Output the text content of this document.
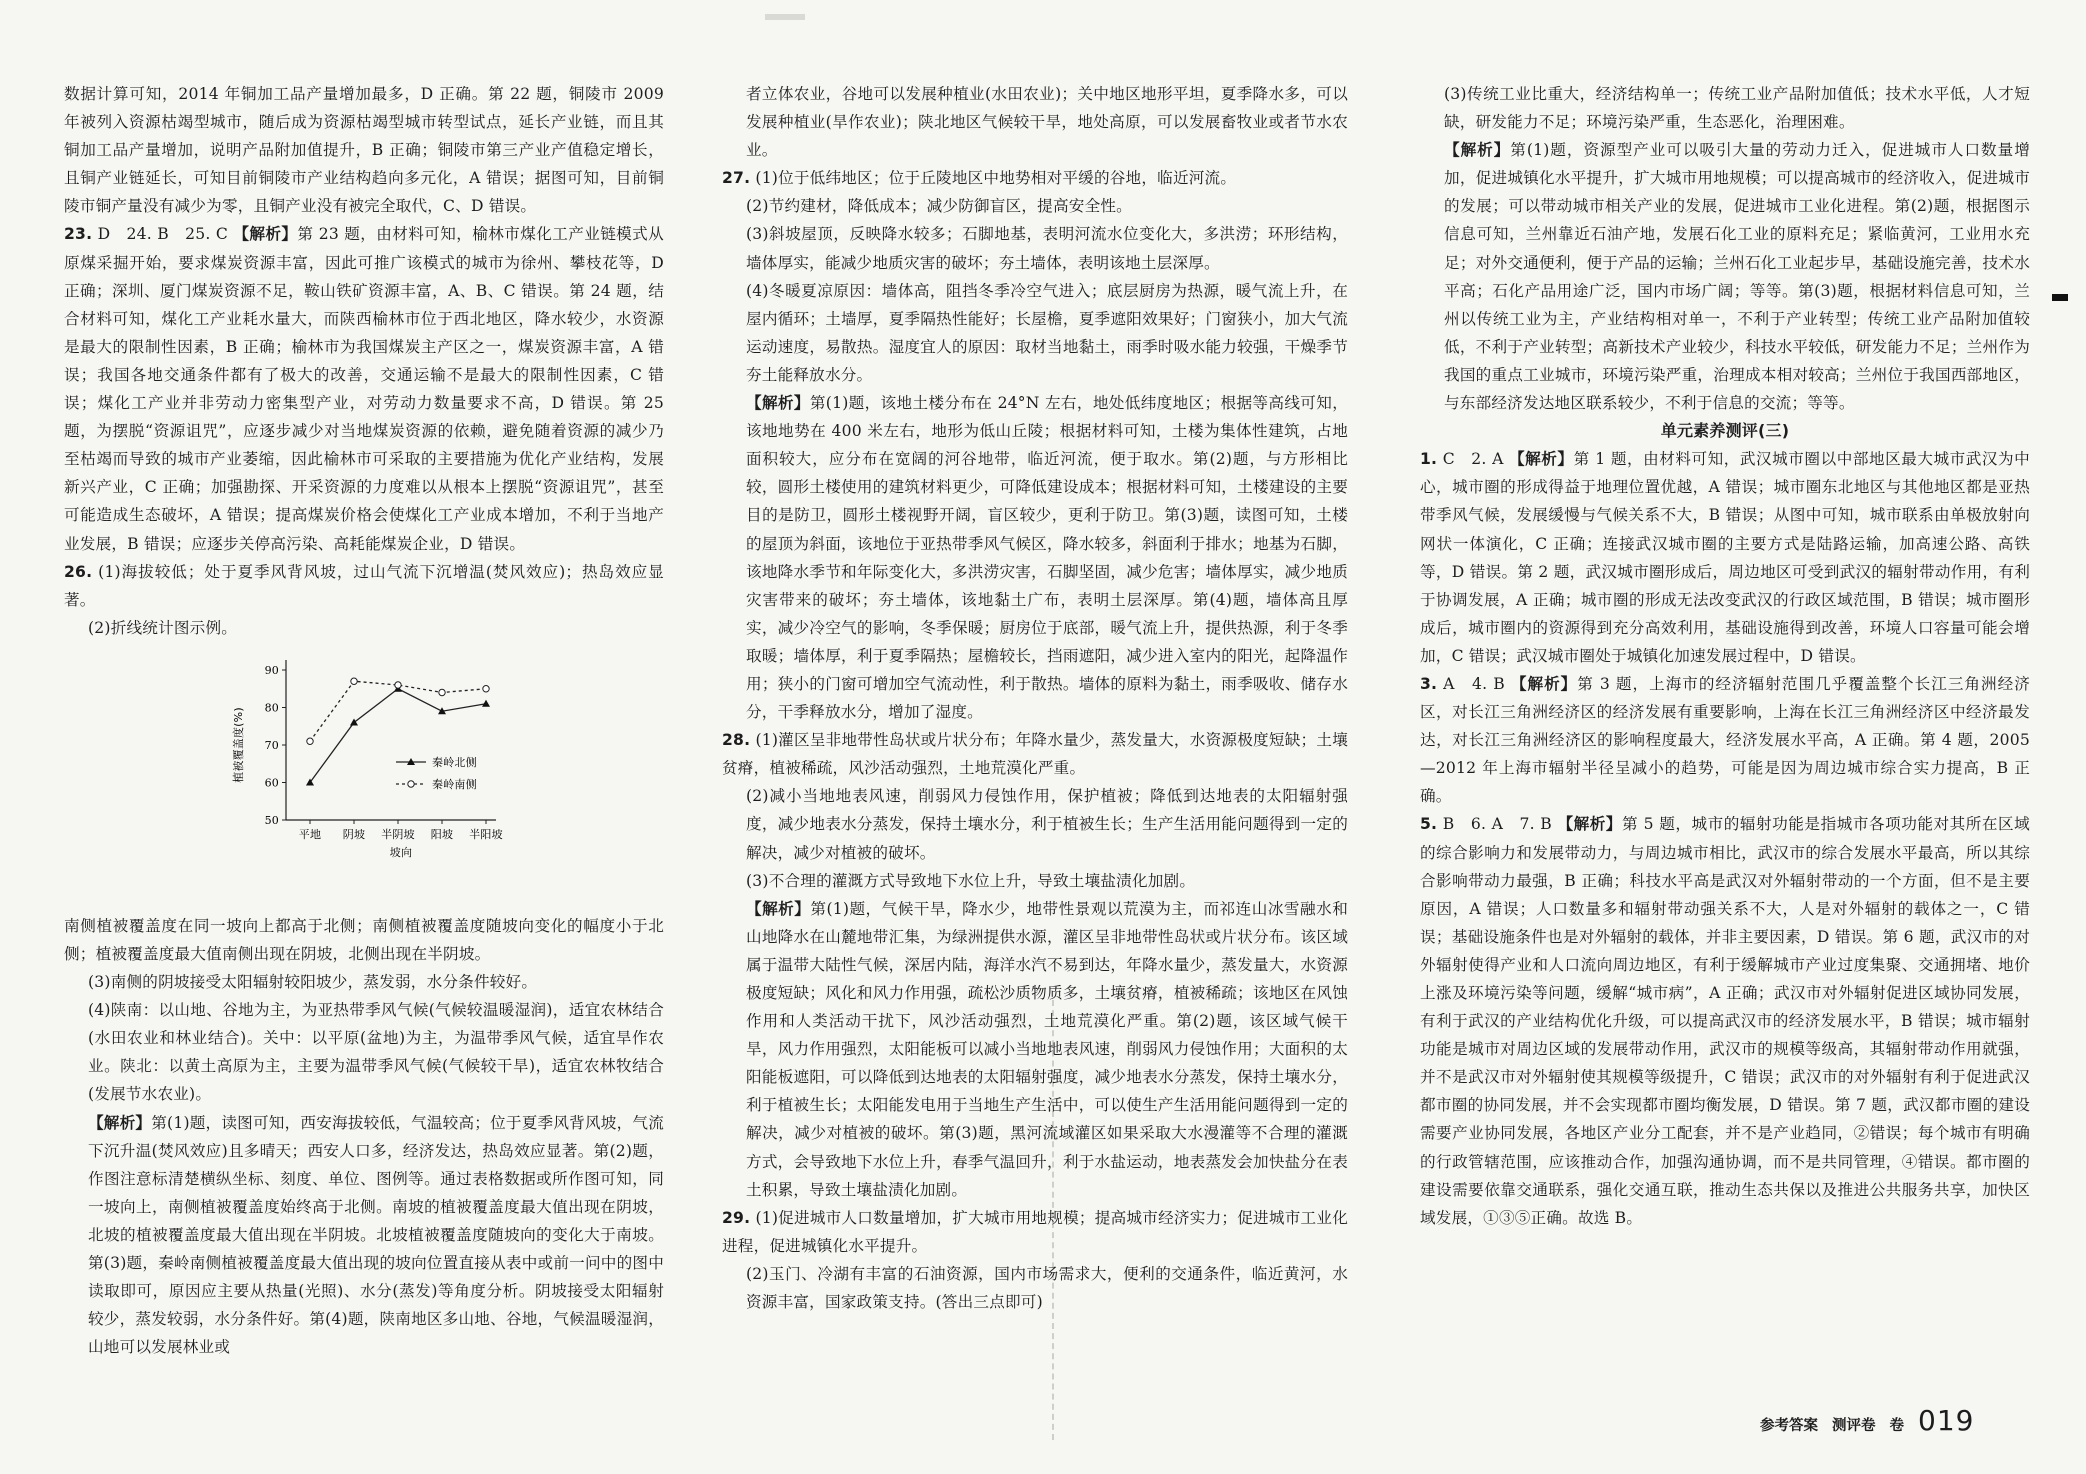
数据计算可知，2014 年铜加工品产量增加最多，D 正确。第 22 题，铜陵市 2009 年被列入资源枯竭型城市，随后成为资源枯竭型城市转型试点，延长产业链，而且其铜加工品产量增加，说明产品附加值提升，B 正确；铜陵市第三产业产值稳定增长，且铜产业链延长，可知目前铜陵市产业结构趋向多元化，A 错误；据图可知，目前铜陵市铜产量没有减少为零，且铜产业没有被完全取代，C、D 错误。

23. D　24. B　25. C 【解析】第 23 题，由材料可知，榆林市煤化工产业链模式从原煤采掘开始，要求煤炭资源丰富，因此可推广该模式的城市为徐州、攀枝花等，D 正确；深圳、厦门煤炭资源不足，鞍山铁矿资源丰富，A、B、C 错误。第 24 题，结合材料可知，煤化工产业耗水量大，而陕西榆林市位于西北地区，降水较少，水资源是最大的限制性因素，B 正确；榆林市为我国煤炭主产区之一，煤炭资源丰富，A 错误；我国各地交通条件都有了极大的改善，交通运输不是最大的限制性因素，C 错误；煤化工产业并非劳动力密集型产业，对劳动力数量要求不高，D 错误。第 25 题，为摆脱“资源诅咒”，应逐步减少对当地煤炭资源的依赖，避免随着资源的减少乃至枯竭而导致的城市产业萎缩，因此榆林市可采取的主要措施为优化产业结构，发展新兴产业，C 正确；加强勘探、开采资源的力度难以从根本上摆脱“资源诅咒”，甚至可能造成生态破坏，A 错误；提高煤炭价格会使煤化工产业成本增加，不利于当地产业发展，B 错误；应逐步关停高污染、高耗能煤炭企业，D 错误。

26. (1)海拔较低；处于夏季风背风坡，过山气流下沉增温(焚风效应)；热岛效应显著。

(2)折线统计图示例。

50
60
70
80
90
植被覆盖度(%)
平地 阴坡 半阴坡 阳坡 半阳坡
坡向
秦岭北侧
秦岭南侧

南侧植被覆盖度在同一坡向上都高于北侧；南侧植被覆盖度随坡向变化的幅度小于北侧；植被覆盖度最大值南侧出现在阴坡，北侧出现在半阴坡。

(3)南侧的阴坡接受太阳辐射较阳坡少，蒸发弱，水分条件较好。

(4)陕南：以山地、谷地为主，为亚热带季风气候(气候较温暖湿润)，适宜农林结合(水田农业和林业结合)。关中：以平原(盆地)为主，为温带季风气候，适宜旱作农业。陕北：以黄土高原为主，主要为温带季风气候(气候较干旱)，适宜农林牧结合(发展节水农业)。

【解析】第(1)题，读图可知，西安海拔较低，气温较高；位于夏季风背风坡，气流下沉升温(焚风效应)且多晴天；西安人口多，经济发达，热岛效应显著。第(2)题，作图注意标清楚横纵坐标、刻度、单位、图例等。通过表格数据或所作图可知，同一坡向上，南侧植被覆盖度始终高于北侧。南坡的植被覆盖度最大值出现在阴坡，北坡的植被覆盖度最大值出现在半阴坡。北坡植被覆盖度随坡向的变化大于南坡。第(3)题，秦岭南侧植被覆盖度最大值出现的坡向位置直接从表中或前一问中的图中读取即可，原因应主要从热量(光照)、水分(蒸发)等角度分析。阴坡接受太阳辐射较少，蒸发较弱，水分条件好。第(4)题，陕南地区多山地、谷地，气候温暖湿润，山地可以发展林业或

者立体农业，谷地可以发展种植业(水田农业)；关中地区地形平坦，夏季降水多，可以发展种植业(旱作农业)；陕北地区气候较干旱，地处高原，可以发展畜牧业或者节水农业。

27. (1)位于低纬地区；位于丘陵地区中地势相对平缓的谷地，临近河流。

(2)节约建材，降低成本；减少防御盲区，提高安全性。

(3)斜坡屋顶，反映降水较多；石脚地基，表明河流水位变化大，多洪涝；环形结构，墙体厚实，能减少地质灾害的破坏；夯土墙体，表明该地土层深厚。

(4)冬暖夏凉原因：墙体高，阻挡冬季冷空气进入；底层厨房为热源，暖气流上升，在屋内循环；土墙厚，夏季隔热性能好；长屋檐，夏季遮阳效果好；门窗狭小，加大气流运动速度，易散热。湿度宜人的原因：取材当地黏土，雨季时吸水能力较强，干燥季节夯土能释放水分。

【解析】第(1)题，该地土楼分布在 24°N 左右，地处低纬度地区；根据等高线可知，该地地势在 400 米左右，地形为低山丘陵；根据材料可知，土楼为集体性建筑，占地面积较大，应分布在宽阔的河谷地带，临近河流，便于取水。第(2)题，与方形相比较，圆形土楼使用的建筑材料更少，可降低建设成本；根据材料可知，土楼建设的主要目的是防卫，圆形土楼视野开阔，盲区较少，更利于防卫。第(3)题，读图可知，土楼的屋顶为斜面，该地位于亚热带季风气候区，降水较多，斜面利于排水；地基为石脚，该地降水季节和年际变化大，多洪涝灾害，石脚坚固，减少危害；墙体厚实，减少地质灾害带来的破坏；夯土墙体，该地黏土广布，表明土层深厚。第(4)题，墙体高且厚实，减少冷空气的影响，冬季保暖；厨房位于底部，暖气流上升，提供热源，利于冬季取暖；墙体厚，利于夏季隔热；屋檐较长，挡雨遮阳，减少进入室内的阳光，起降温作用；狭小的门窗可增加空气流动性，利于散热。墙体的原料为黏土，雨季吸收、储存水分，干季释放水分，增加了湿度。

28. (1)灌区呈非地带性岛状或片状分布；年降水量少，蒸发量大，水资源极度短缺；土壤贫瘠，植被稀疏，风沙活动强烈，土地荒漠化严重。

(2)减小当地地表风速，削弱风力侵蚀作用，保护植被；降低到达地表的太阳辐射强度，减少地表水分蒸发，保持土壤水分，利于植被生长；生产生活用能问题得到一定的解决，减少对植被的破坏。

(3)不合理的灌溉方式导致地下水位上升，导致土壤盐渍化加剧。

【解析】第(1)题，气候干旱，降水少，地带性景观以荒漠为主，而祁连山冰雪融水和山地降水在山麓地带汇集，为绿洲提供水源，灌区呈非地带性岛状或片状分布。该区域属于温带大陆性气候，深居内陆，海洋水汽不易到达，年降水量少，蒸发量大，水资源极度短缺；风化和风力作用强，疏松沙质物质多，土壤贫瘠，植被稀疏；该地区在风蚀作用和人类活动干扰下，风沙活动强烈，土地荒漠化严重。第(2)题，该区域气候干旱，风力作用强烈，太阳能板可以减小当地地表风速，削弱风力侵蚀作用；大面积的太阳能板遮阳，可以降低到达地表的太阳辐射强度，减少地表水分蒸发，保持土壤水分，利于植被生长；太阳能发电用于当地生产生活中，可以使生产生活用能问题得到一定的解决，减少对植被的破坏。第(3)题，黑河流域灌区如果采取大水漫灌等不合理的灌溉方式，会导致地下水位上升，春季气温回升，利于水盐运动，地表蒸发会加快盐分在表土积累，导致土壤盐渍化加剧。

29. (1)促进城市人口数量增加，扩大城市用地规模；提高城市经济实力；促进城市工业化进程，促进城镇化水平提升。

(2)玉门、冷湖有丰富的石油资源，国内市场需求大，便利的交通条件，临近黄河，水资源丰富，国家政策支持。(答出三点即可)

(3)传统工业比重大，经济结构单一；传统工业产品附加值低；技术水平低，人才短缺，研发能力不足；环境污染严重，生态恶化，治理困难。

【解析】第(1)题，资源型产业可以吸引大量的劳动力迁入，促进城市人口数量增加，促进城镇化水平提升，扩大城市用地规模；可以提高城市的经济收入，促进城市的发展；可以带动城市相关产业的发展，促进城市工业化进程。第(2)题，根据图示信息可知，兰州靠近石油产地，发展石化工业的原料充足；紧临黄河，工业用水充足；对外交通便利，便于产品的运输；兰州石化工业起步早，基础设施完善，技术水平高；石化产品用途广泛，国内市场广阔；等等。第(3)题，根据材料信息可知，兰州以传统工业为主，产业结构相对单一，不利于产业转型；传统工业产品附加值较低，不利于产业转型；高新技术产业较少，科技水平较低，研发能力不足；兰州作为我国的重点工业城市，环境污染严重，治理成本相对较高；兰州位于我国西部地区，与东部经济发达地区联系较少，不利于信息的交流；等等。

单元素养测评(三)

1. C　2. A 【解析】第 1 题，由材料可知，武汉城市圈以中部地区最大城市武汉为中心，城市圈的形成得益于地理位置优越，A 错误；城市圈东北地区与其他地区都是亚热带季风气候，发展缓慢与气候关系不大，B 错误；从图中可知，城市联系由单极放射向网状一体演化，C 正确；连接武汉城市圈的主要方式是陆路运输，加高速公路、高铁等，D 错误。第 2 题，武汉城市圈形成后，周边地区可受到武汉的辐射带动作用，有利于协调发展，A 正确；城市圈的形成无法改变武汉的行政区域范围，B 错误；城市圈形成后，城市圈内的资源得到充分高效利用，基础设施得到改善，环境人口容量可能会增加，C 错误；武汉城市圈处于城镇化加速发展过程中，D 错误。

3. A　4. B 【解析】第 3 题，上海市的经济辐射范围几乎覆盖整个长江三角洲经济区，对长江三角洲经济区的经济发展有重要影响，上海在长江三角洲经济区中经济最发达，对长江三角洲经济区的影响程度最大，经济发展水平高，A 正确。第 4 题，2005—2012 年上海市辐射半径呈减小的趋势，可能是因为周边城市综合实力提高，B 正确。

5. B　6. A　7. B 【解析】第 5 题，城市的辐射功能是指城市各项功能对其所在区域的综合影响力和发展带动力，与周边城市相比，武汉市的综合发展水平最高，所以其综合影响带动力最强，B 正确；科技水平高是武汉对外辐射带动的一个方面，但不是主要原因，A 错误；人口数量多和辐射带动强关系不大，人是对外辐射的载体之一，C 错误；基础设施条件也是对外辐射的载体，并非主要因素，D 错误。第 6 题，武汉市的对外辐射使得产业和人口流向周边地区，有利于缓解城市产业过度集聚、交通拥堵、地价上涨及环境污染等问题，缓解“城市病”，A 正确；武汉市对外辐射促进区域协同发展，有利于武汉的产业结构优化升级，可以提高武汉市的经济发展水平，B 错误；城市辐射功能是城市对周边区域的发展带动作用，武汉市的规模等级高，其辐射带动作用就强，并不是武汉市对外辐射使其规模等级提升，C 错误；武汉市的对外辐射有利于促进武汉都市圈的协同发展，并不会实现都市圈均衡发展，D 错误。第 7 题，武汉都市圈的建设需要产业协同发展，各地区产业分工配套，并不是产业趋同，②错误；每个城市有明确的行政管辖范围，应该推动合作，加强沟通协调，而不是共同管理，④错误。都市圈的建设需要依靠交通联系，强化交通互联，推动生态共保以及推进公共服务共享，加快区域发展，①③⑤正确。故选 B。

参考答案 测评卷 卷 019
